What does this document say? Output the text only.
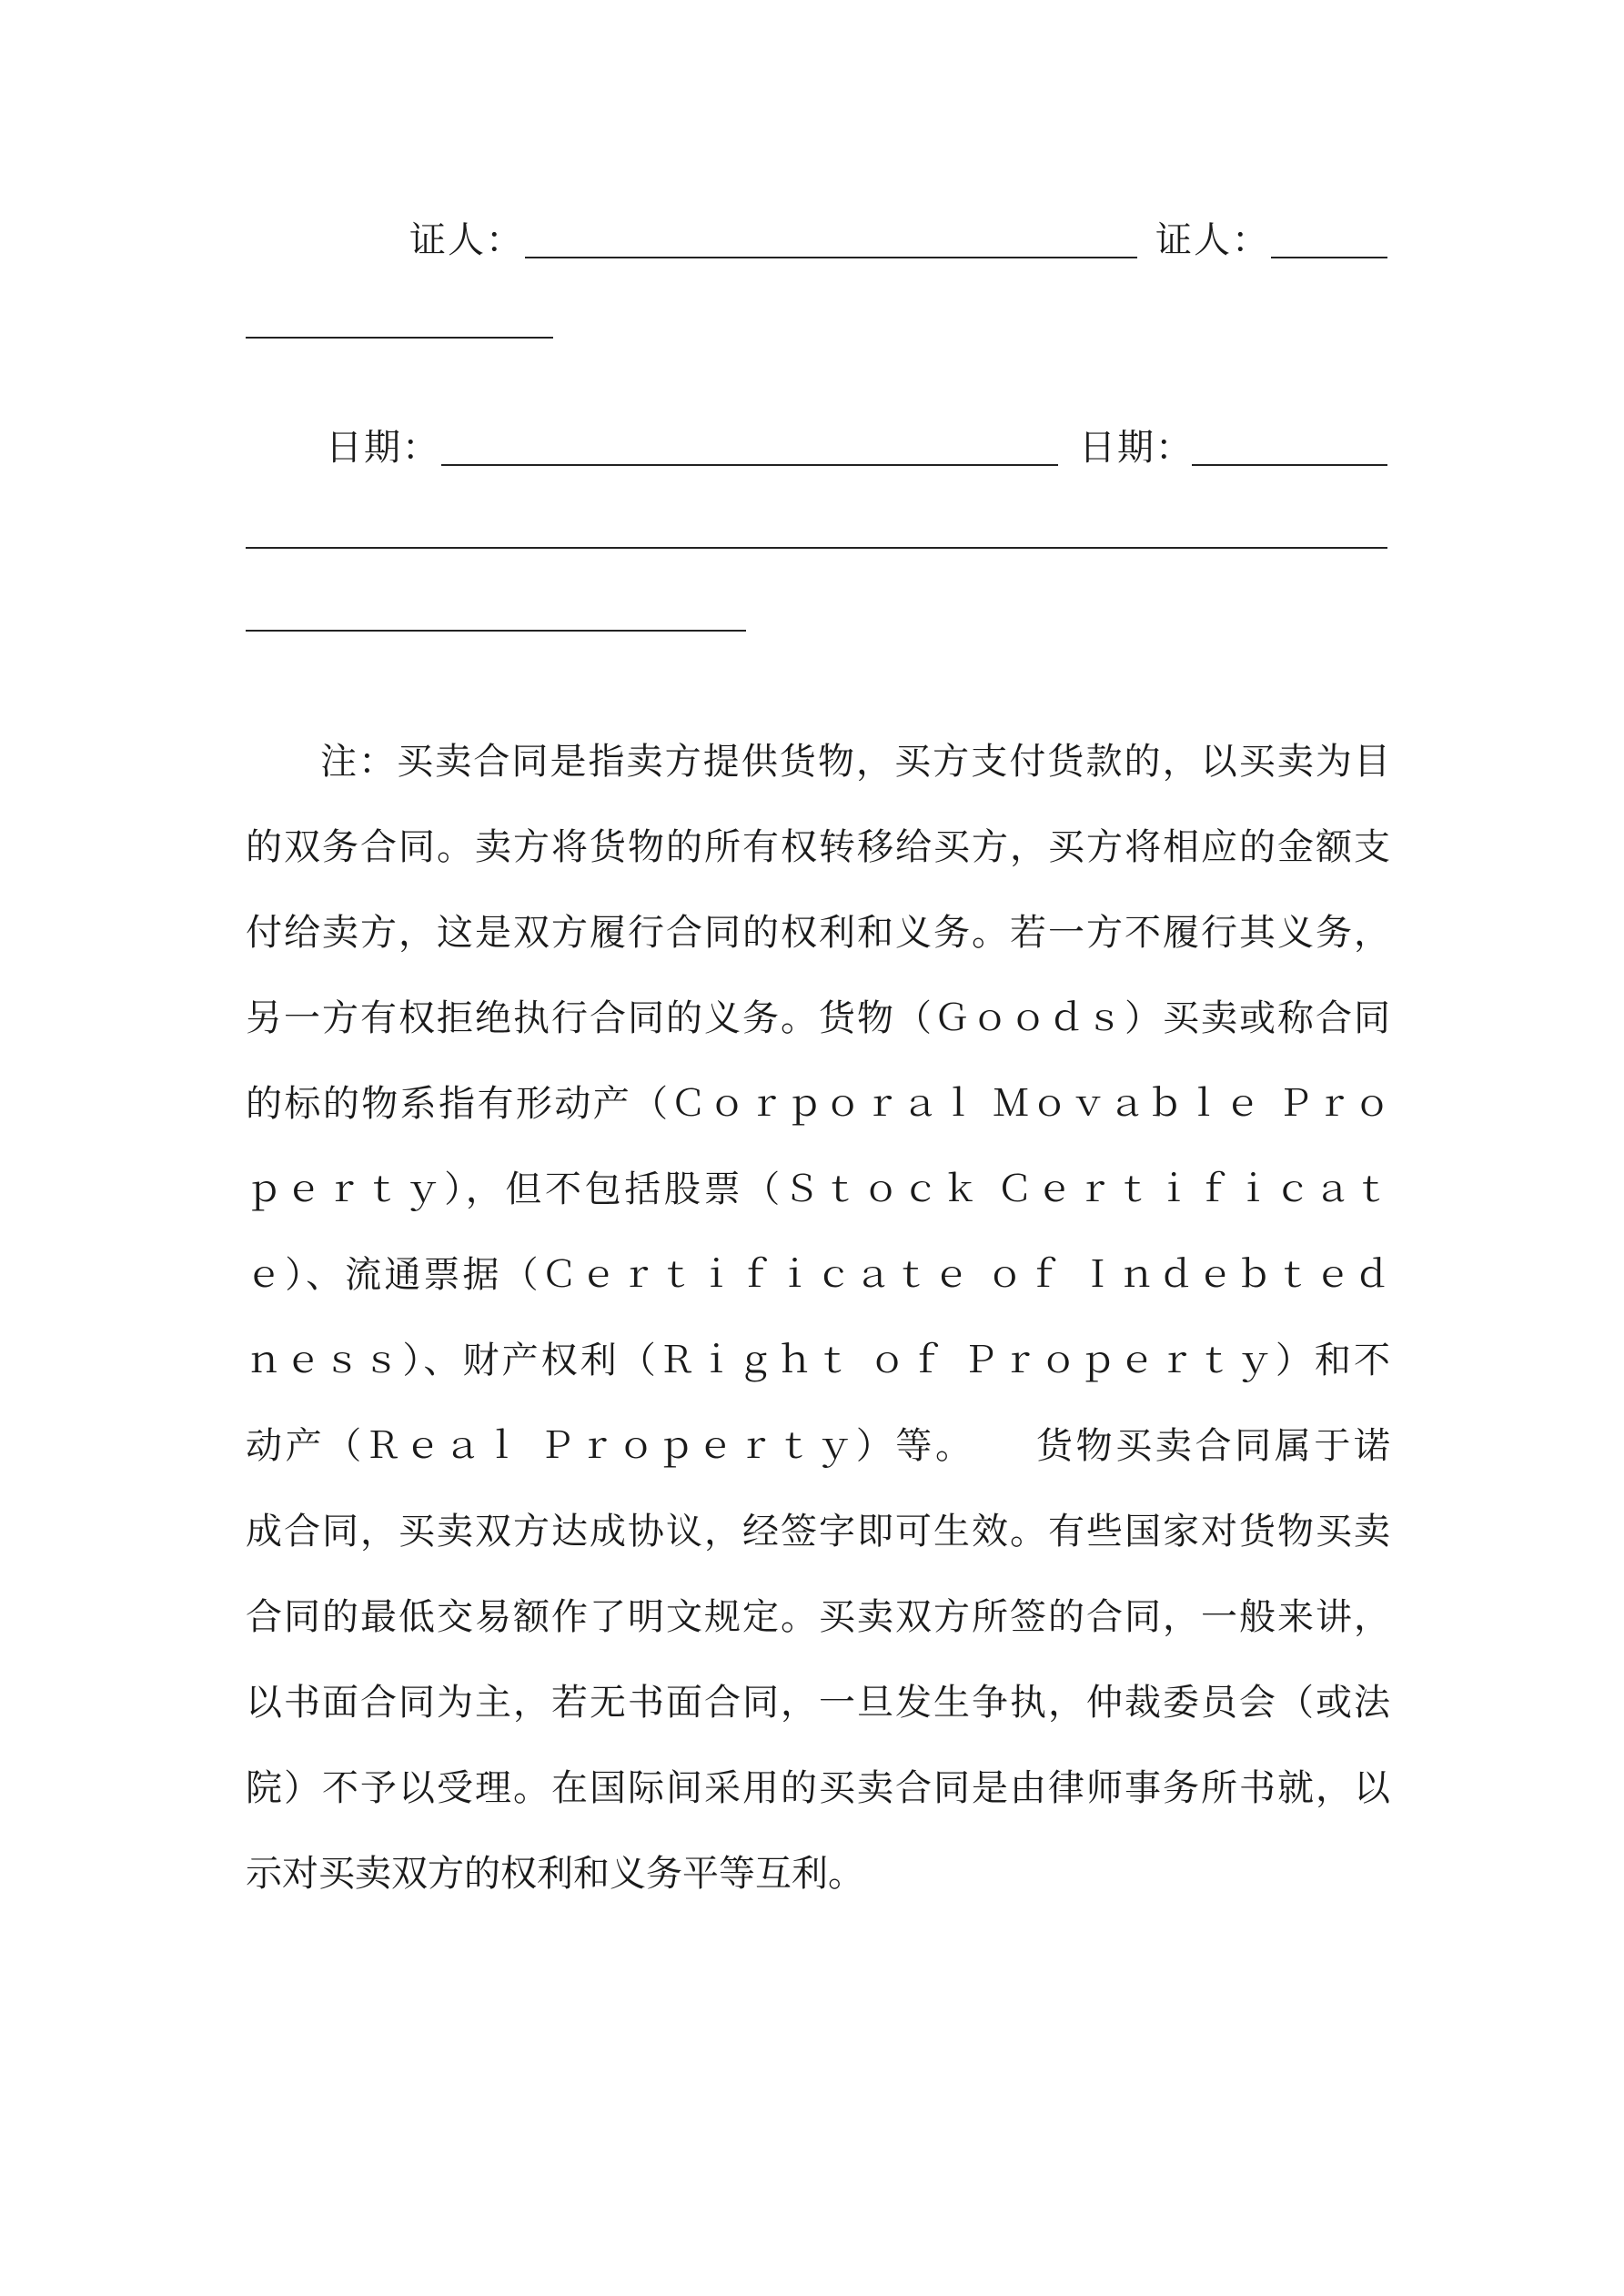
证人：	证人：
日期：	日期：
注：买卖合同是指卖方提供货物，买方支付货款的，以买卖为目
的双务合同。卖方将货物的所有权转移给买方，买方将相应的金额支
付给卖方，这是双方履行合同的权利和义务。若一方不履行其义务，
另一方有权拒绝执行合同的义务。货物（Ｇｏｏｄｓ）买卖或称合同
的标的物系指有形动产（Ｃｏｒｐｏｒａｌ Ｍｏｖａｂｌｅ Ｐｒｏ
ｐｅｒｔｙ），但不包括股票（Ｓｔｏｃｋ Ｃｅｒｔｉｆｉｃａｔ
ｅ）、流通票据（Ｃｅｒｔｉｆｉｃａｔｅ ｏｆ Ｉｎｄｅｂｔｅｄ
ｎｅｓｓ）、财产权利（Ｒｉｇｈｔ ｏｆ Ｐｒｏｐｅｒｔｙ）和不
动产（Ｒｅａｌ Ｐｒｏｐｅｒｔｙ）等。　　货物买卖合同属于诺
成合同，买卖双方达成协议，经签字即可生效。有些国家对货物买卖
合同的最低交易额作了明文规定。买卖双方所签的合同，一般来讲，
以书面合同为主，若无书面合同，一旦发生争执，仲裁委员会（或法
院）不予以受理。在国际间采用的买卖合同是由律师事务所书就，以
示对买卖双方的权利和义务平等互利。
